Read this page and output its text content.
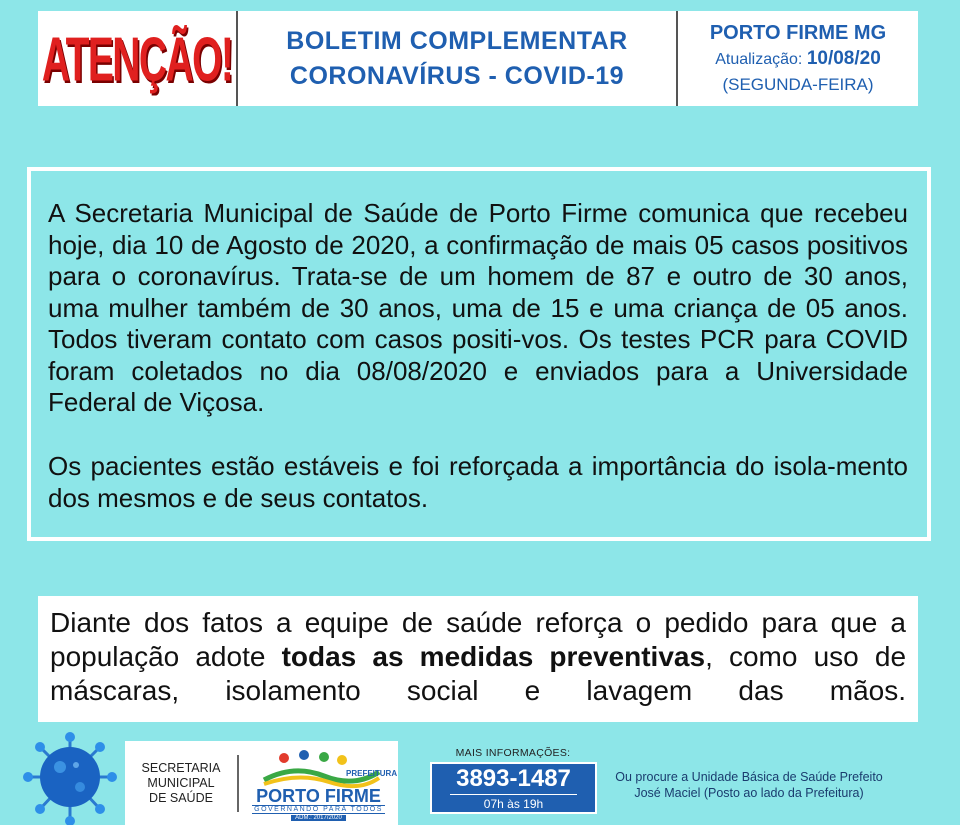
ATENÇÃO! BOLETIM COMPLEMENTAR
CORONAVÍRUS - COVID-19
PORTO FIRME MG
Atualização: 10/08/20
(SEGUNDA-FEIRA)

A Secretaria Municipal de Saúde de Porto Firme comunica que recebeu hoje, dia 10 de Agosto de 2020, a confirmação de mais 05 casos positivos para o coronavírus. Trata-se de um homem de 87 e outro de 30 anos, uma mulher também de 30 anos, uma de 15 e uma criança de 05 anos. Todos tiveram contato com casos positi-vos. Os testes PCR para COVID foram coletados no dia 08/08/2020 e enviados para a Universidade Federal de Viçosa.

Os pacientes estão estáveis e foi reforçada a importância do isola-mento dos mesmos e de seus contatos.

Diante dos fatos a equipe de saúde reforça o pedido para que a população adote todas as medidas preventivas, como uso de máscaras, isolamento social e lavagem das mãos.

SECRETARIA
MUNICIPAL
DE SAÚDE
PREFEITURA
PORTO FIRME
GOVERNANDO PARA TODOS
ADM.: 2017/2020
MAIS INFORMAÇÕES:
3893-1487
07h às 19h
Ou procure a Unidade Básica de Saúde Prefeito
José Maciel (Posto ao lado da Prefeitura)
